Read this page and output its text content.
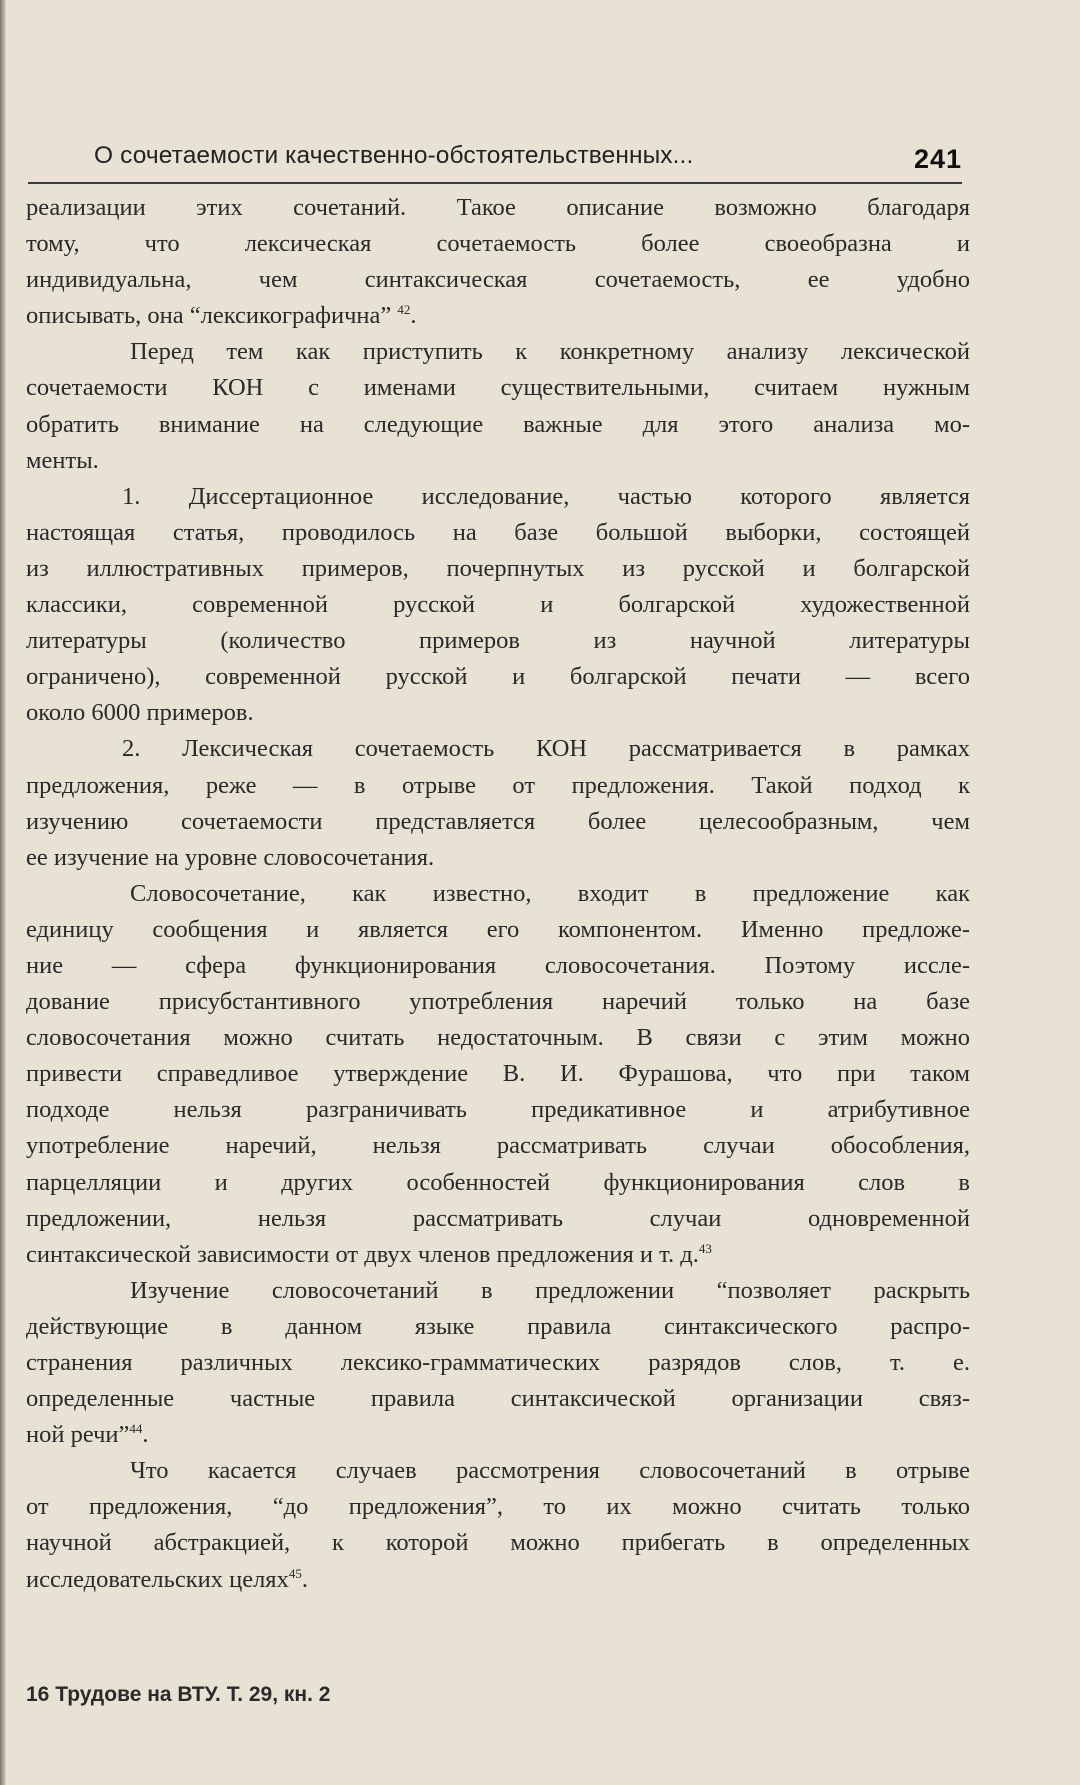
О сочетаемости качественно-обстоятельственных...	241

реализации этих сочетаний. Такое описание возможно благодаря

тому, что лексическая сочетаемость более своеобразна и

индивидуальна, чем синтаксическая сочетаемость, ее удобно

описывать, она “лексикографична” $^{42}$.

Перед тем как приступить к конкретному анализу лексической

сочетаемости КОН с именами существительными, считаем нужным

обратить внимание на следующие важные для этого анализа мо-

менты.

1. Диссертационное исследование, частью которого является

настоящая статья, проводилось на базе большой выборки, состоящей

из иллюстративных примеров, почерпнутых из русской и болгарской

классики, современной русской и болгарской художественной

литературы (количество примеров из научной литературы

ограничено), современной русской и болгарской печати — всего

около 6000 примеров.

2. Лексическая сочетаемость КОН рассматривается в рамках

предложения, реже — в отрыве от предложения. Такой подход к

изучению сочетаемости представляется более целесообразным, чем

ее изучение на уровне словосочетания.

Словосочетание, как известно, входит в предложение как

единицу сообщения и является его компонентом. Именно предложе-

ние — сфера функционирования словосочетания. Поэтому иссле-

дование присубстантивного употребления наречий только на базе

словосочетания можно считать недостаточным. В связи с этим можно

привести справедливое утверждение В. И. Фурашова, что при таком

подходе нельзя разграничивать предикативное и атрибутивное

употребление наречий, нельзя рассматривать случаи обособления,

парцелляции и других особенностей функционирования слов в

предложении, нельзя рассматривать случаи одновременной

синтаксической зависимости от двух членов предложения и т. д.$^{43}$

Изучение словосочетаний в предложении “позволяет раскрыть

действующие в данном языке правила синтаксического распро-

странения различных лексико-грамматических разрядов слов, т. е.

определенные частные правила синтаксической организации связ-

ной речи”$^{44}$.

Что касается случаев рассмотрения словосочетаний в отрыве

от предложения, “до предложения”, то их можно считать только

научной абстракцией, к которой можно прибегать в определенных

исследовательских целях$^{45}$.

16 Трудове на ВТУ. Т. 29, кн. 2
